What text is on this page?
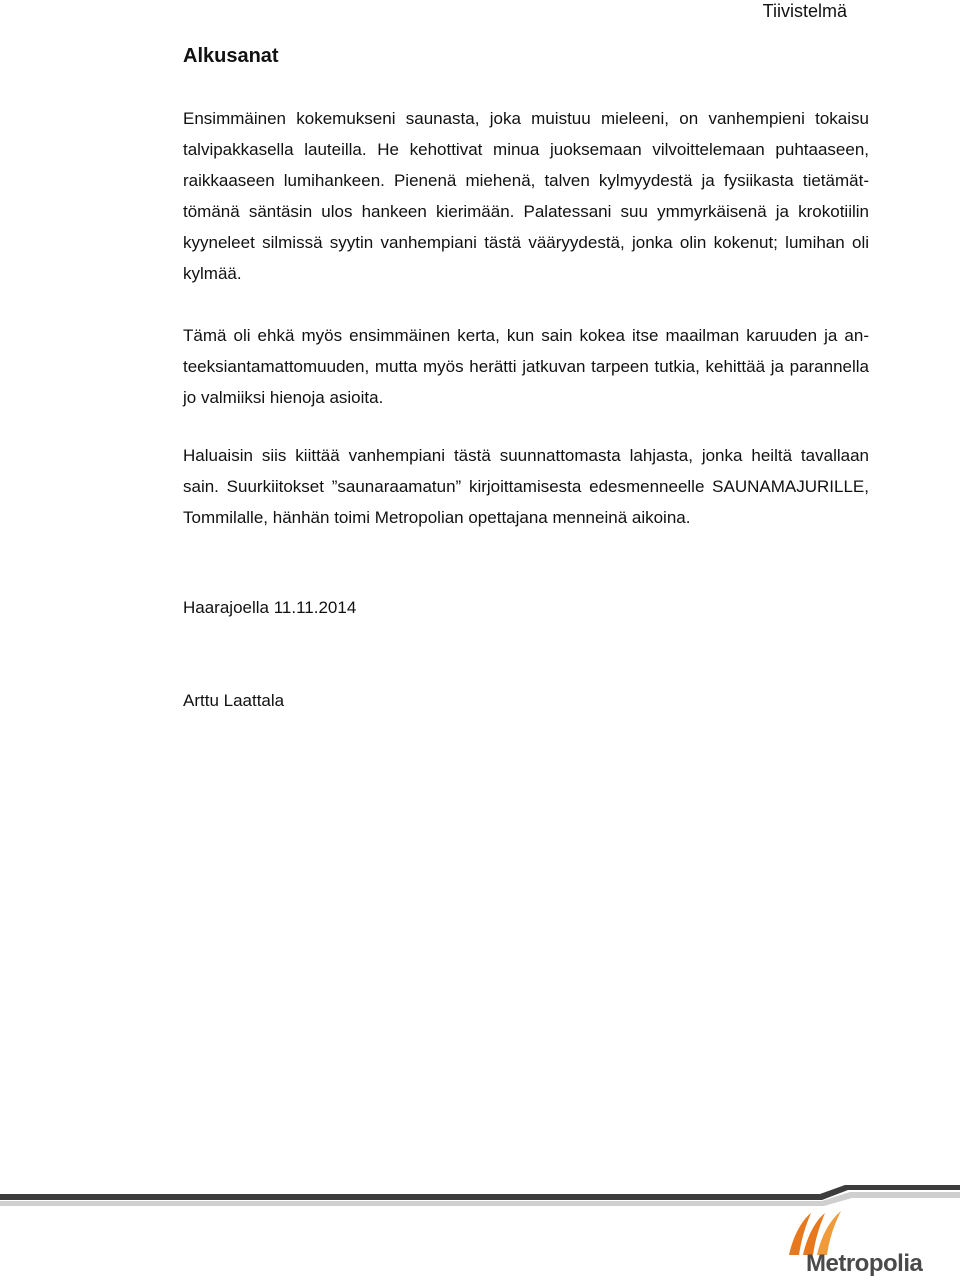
Tiivistelmä
Alkusanat

Ensimmäinen kokemukseni saunasta, joka muistuu mieleeni, on vanhempieni tokaisu talvipakkasella lauteilla. He kehottivat minua juoksemaan vilvoittelemaan puhtaaseen, raikkaaseen lumihankeen. Pienenä miehenä, talven kylmyydestä ja fysiikasta tietämättömänä säntäsin ulos hankeen kierimään. Palatessani suu ymmyrkäisenä ja krokotiilin kyyneleet silmissä syytin vanhempiani tästä vääryydestä, jonka olin kokenut; lumihan oli kylmää.

Tämä oli ehkä myös ensimmäinen kerta, kun sain kokea itse maailman karuuden ja anteeksiantamattomuuden, mutta myös herätti jatkuvan tarpeen tutkia, kehittää ja parannella jo valmiiksi hienoja asioita.

Haluaisin siis kiittää vanhempiani tästä suunnattomasta lahjasta, jonka heiltä tavallaan sain. Suurkiitokset ”saunaraamatun” kirjoittamisesta edesmenneelle SAUNAMAJURILLE, Tommilalle, hänhän toimi Metropolian opettajana menneinä aikoina.

Haarajoella 11.11.2014

Arttu Laattala

Metropolia
